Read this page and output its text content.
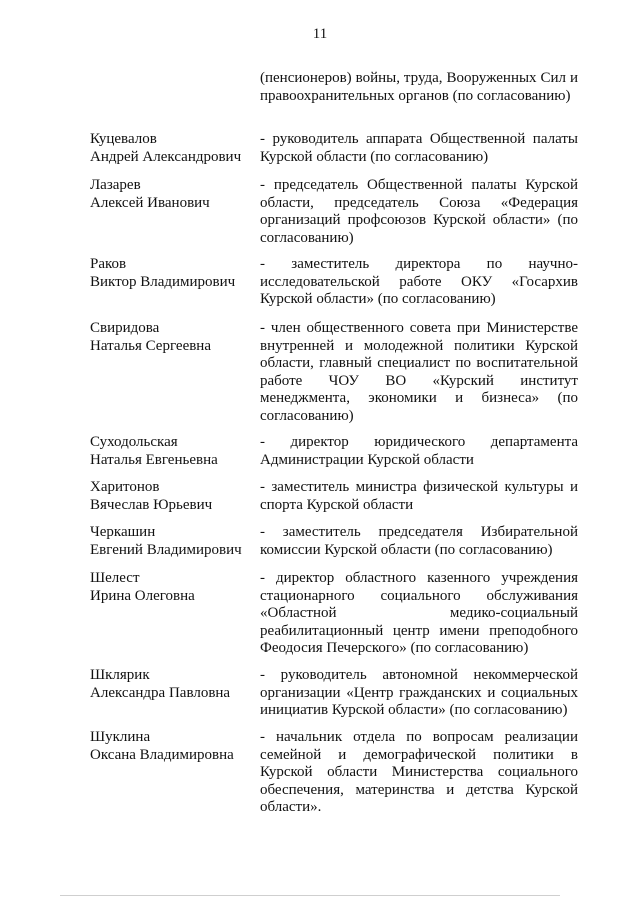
11
(пенсионеров) войны, труда, Вооруженных Сил и правоохранительных органов (по согласованию)
Куцевалов
Андрей Александрович
- руководитель аппарата Общественной палаты Курской области (по согласованию)
Лазарев
Алексей Иванович
- председатель Общественной палаты Курской области, председатель Союза «Федерация организаций профсоюзов Курской области» (по согласованию)
Раков
Виктор Владимирович
- заместитель директора по научно-исследовательской работе ОКУ «Госархив Курской области» (по согласованию)
Свиридова
Наталья Сергеевна
- член общественного совета при Министерстве внутренней и молодежной политики Курской области, главный специалист по воспитательной работе ЧОУ ВО «Курский институт менеджмента, экономики и бизнеса» (по согласованию)
Суходольская
Наталья Евгеньевна
- директор юридического департамента Администрации Курской области
Харитонов
Вячеслав Юрьевич
- заместитель министра физической культуры и спорта Курской области
Черкашин
Евгений Владимирович
- заместитель председателя Избирательной комиссии Курской области (по согласованию)
Шелест
Ирина Олеговна
- директор областного казенного учреждения стационарного социального обслуживания «Областной медико-социальный реабилитационный центр имени преподобного Феодосия Печерского» (по согласованию)
Шклярик
Александра Павловна
- руководитель автономной некоммерческой организации «Центр гражданских и социальных инициатив Курской области» (по согласованию)
Шуклина
Оксана Владимировна
- начальник отдела по вопросам реализации семейной и демографической политики в Курской области Министерства социального обеспечения, материнства и детства Курской области».
